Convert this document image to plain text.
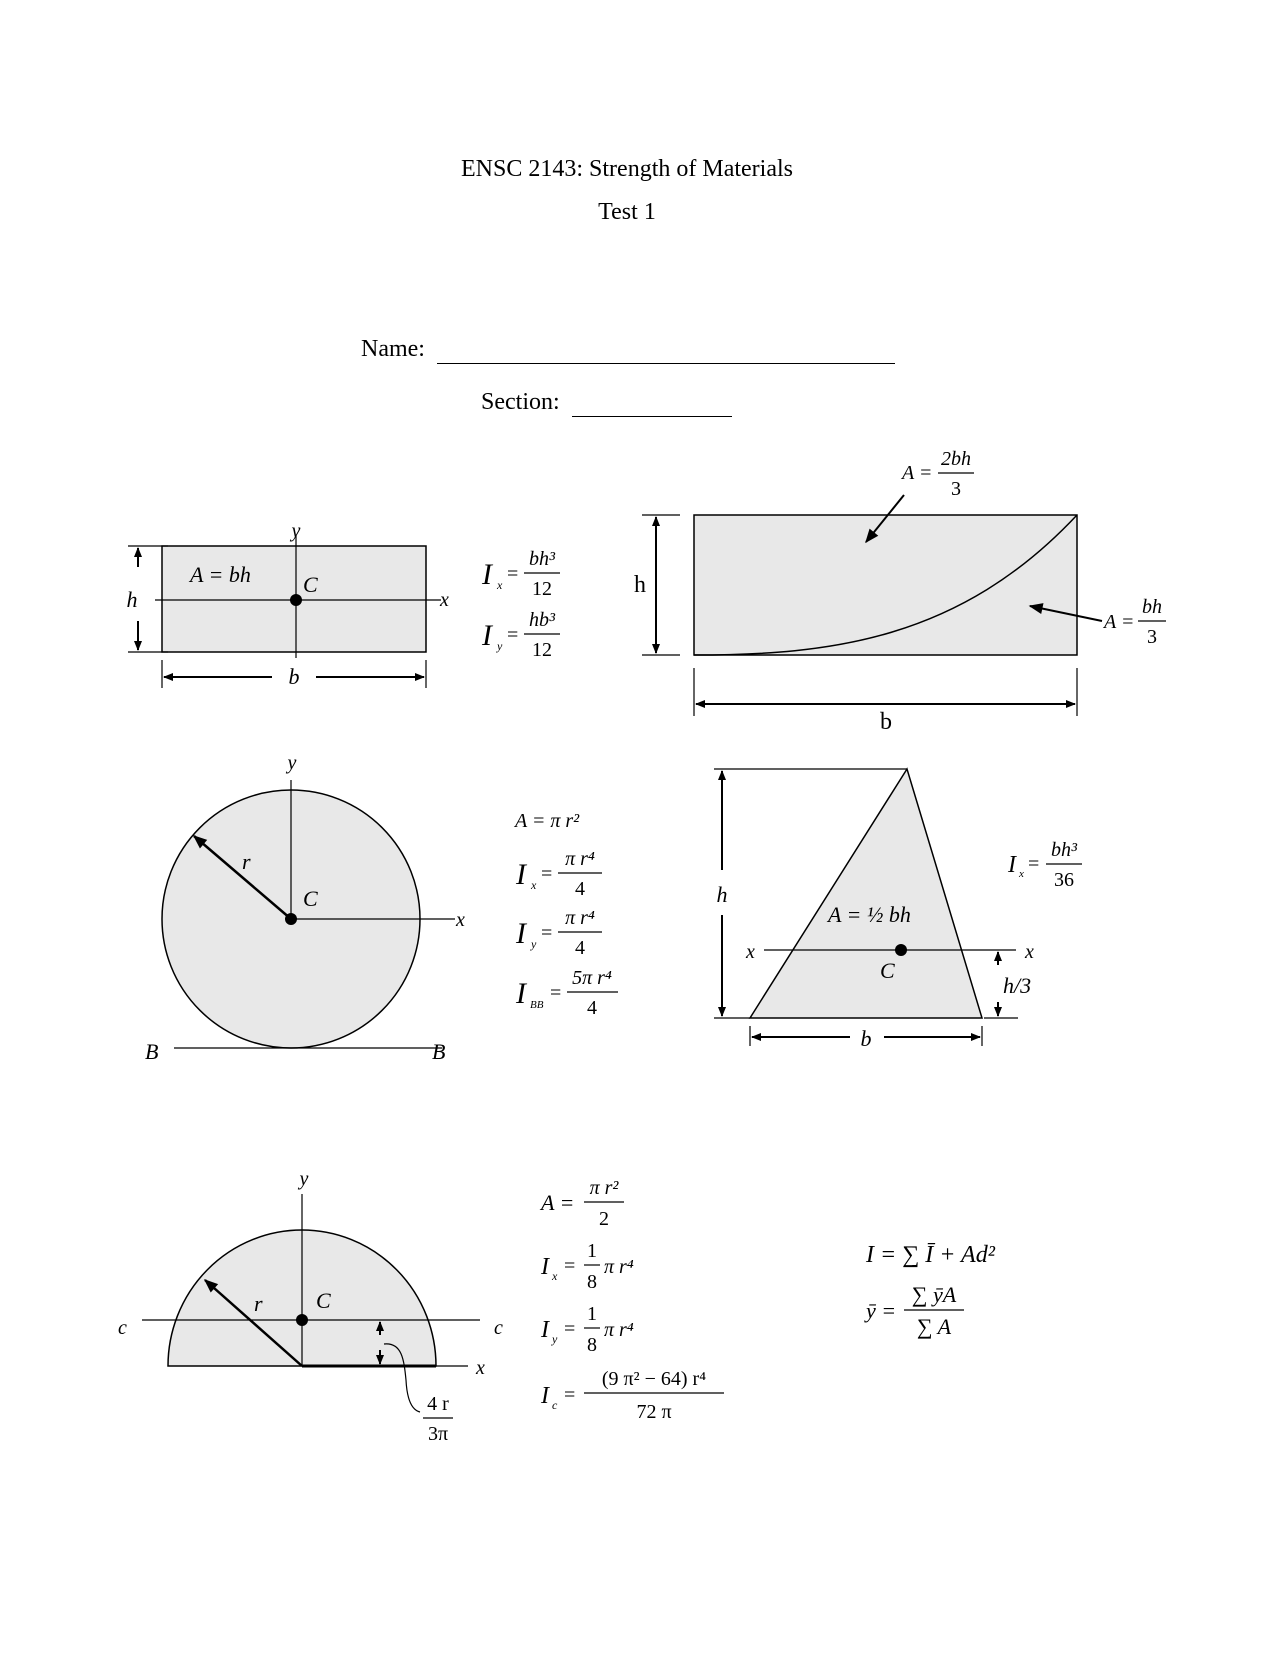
ENSC 2143: Strength of Materials
Test 1
Name:
Section:
y
x
A = bh C
h
b
I x =
bh³
12
I y =
hb³
12
h
b
A =
2bh
3
A =
bh
3
y
x
r
C
B	B
A = π r²
I x =
π r⁴
4
I y =
π r⁴
4
I BB
=
5π r⁴
4
h
b
h/3
A = ½ bh
C
x	x
I x =
bh³
36
4 r
3π
y
x
r C
c	c
A =
π r²
2
I x =
1
8
π r⁴
I y =
1
8
π r⁴
I c =
(9 π² − 64) r⁴
72 π
I = ∑ Ī + Ad²
ȳ =
∑ ȳA
∑ A
